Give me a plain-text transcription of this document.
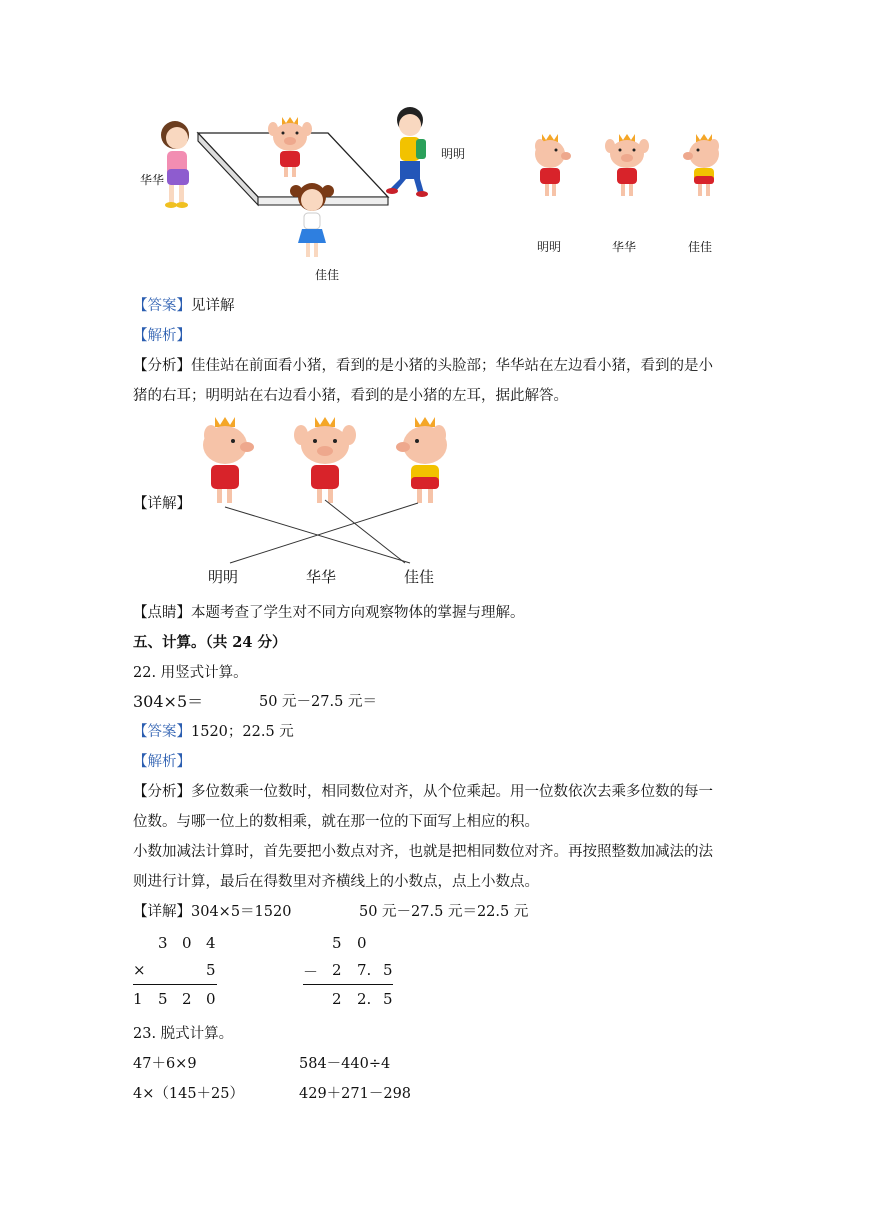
华华
明明
佳佳
明明	华华	佳佳
【答案】见详解
【解析】
【分析】佳佳站在前面看小猪，看到的是小猪的头脸部；华华站在左边看小猪，看到的是小
猪的右耳；明明站在右边看小猪，看到的是小猪的左耳，据此解答。
【详解】
明明	华华	佳佳
【点睛】本题考查了学生对不同方向观察物体的掌握与理解。
五、计算。（共 24 分）
22. 用竖式计算。
304×5＝	50 元－27.5 元＝
【答案】1520；22.5 元
【解析】
【分析】多位数乘一位数时，相同数位对齐，从个位乘起。用一位数依次去乘多位数的每一
位数。与哪一位上的数相乘，就在那一位的下面写上相应的积。
小数加减法计算时，首先要把小数点对齐，也就是把相同数位对齐。再按照整数加减法的法
则进行计算，最后在得数里对齐横线上的小数点，点上小数点。
【详解】304×5＝1520	50 元－27.5 元＝22.5 元
3 0 4
×	5
1 5 2 0
5 0
－ 2 7. 5
2 2. 5
23. 脱式计算。
47＋6×9	584－440÷4
4×（145＋25）	429＋271－298
